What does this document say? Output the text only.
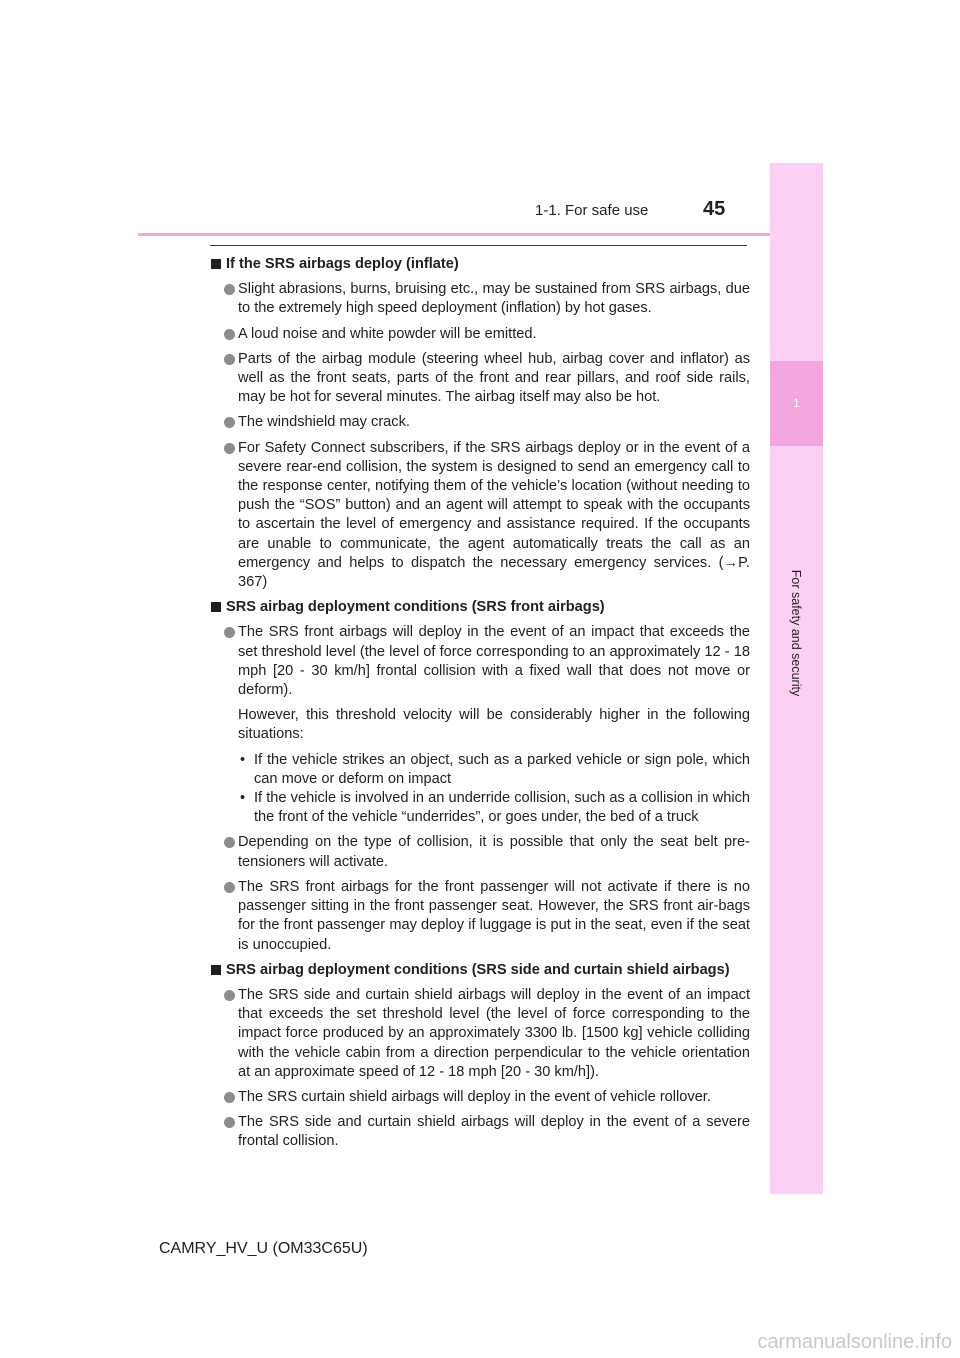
1-1. For safe use	45
1
For safety and security
If the SRS airbags deploy (inflate)
Slight abrasions, burns, bruising etc., may be sustained from SRS airbags, due to the extremely high speed deployment (inflation) by hot gases.
A loud noise and white powder will be emitted.
Parts of the airbag module (steering wheel hub, airbag cover and inflator) as well as the front seats, parts of the front and rear pillars, and roof side rails, may be hot for several minutes. The airbag itself may also be hot.
The windshield may crack.
For Safety Connect subscribers, if the SRS airbags deploy or in the event of a severe rear-end collision, the system is designed to send an emergency call to the response center, notifying them of the vehicle’s location (without needing to push the “SOS” button) and an agent will attempt to speak with the occupants to ascertain the level of emergency and assistance required. If the occupants are unable to communicate, the agent automatically treats the call as an emergency and helps to dispatch the necessary emergency services. (→P. 367)
SRS airbag deployment conditions (SRS front airbags)
The SRS front airbags will deploy in the event of an impact that exceeds the set threshold level (the level of force corresponding to an approximately 12 - 18 mph [20 - 30 km/h] frontal collision with a fixed wall that does not move or deform).
However, this threshold velocity will be considerably higher in the following situations:
• If the vehicle strikes an object, such as a parked vehicle or sign pole, which can move or deform on impact
• If the vehicle is involved in an underride collision, such as a collision in which the front of the vehicle “underrides”, or goes under, the bed of a truck
Depending on the type of collision, it is possible that only the seat belt pre-tensioners will activate.
The SRS front airbags for the front passenger will not activate if there is no passenger sitting in the front passenger seat. However, the SRS front air-bags for the front passenger may deploy if luggage is put in the seat, even if the seat is unoccupied.
SRS airbag deployment conditions (SRS side and curtain shield airbags)
The SRS side and curtain shield airbags will deploy in the event of an impact that exceeds the set threshold level (the level of force corresponding to the impact force produced by an approximately 3300 lb. [1500 kg] vehicle colliding with the vehicle cabin from a direction perpendicular to the vehicle orientation at an approximate speed of 12 - 18 mph [20 - 30 km/h]).
The SRS curtain shield airbags will deploy in the event of vehicle rollover.
The SRS side and curtain shield airbags will deploy in the event of a severe frontal collision.
CAMRY_HV_U (OM33C65U)
carmanualsonline.info
